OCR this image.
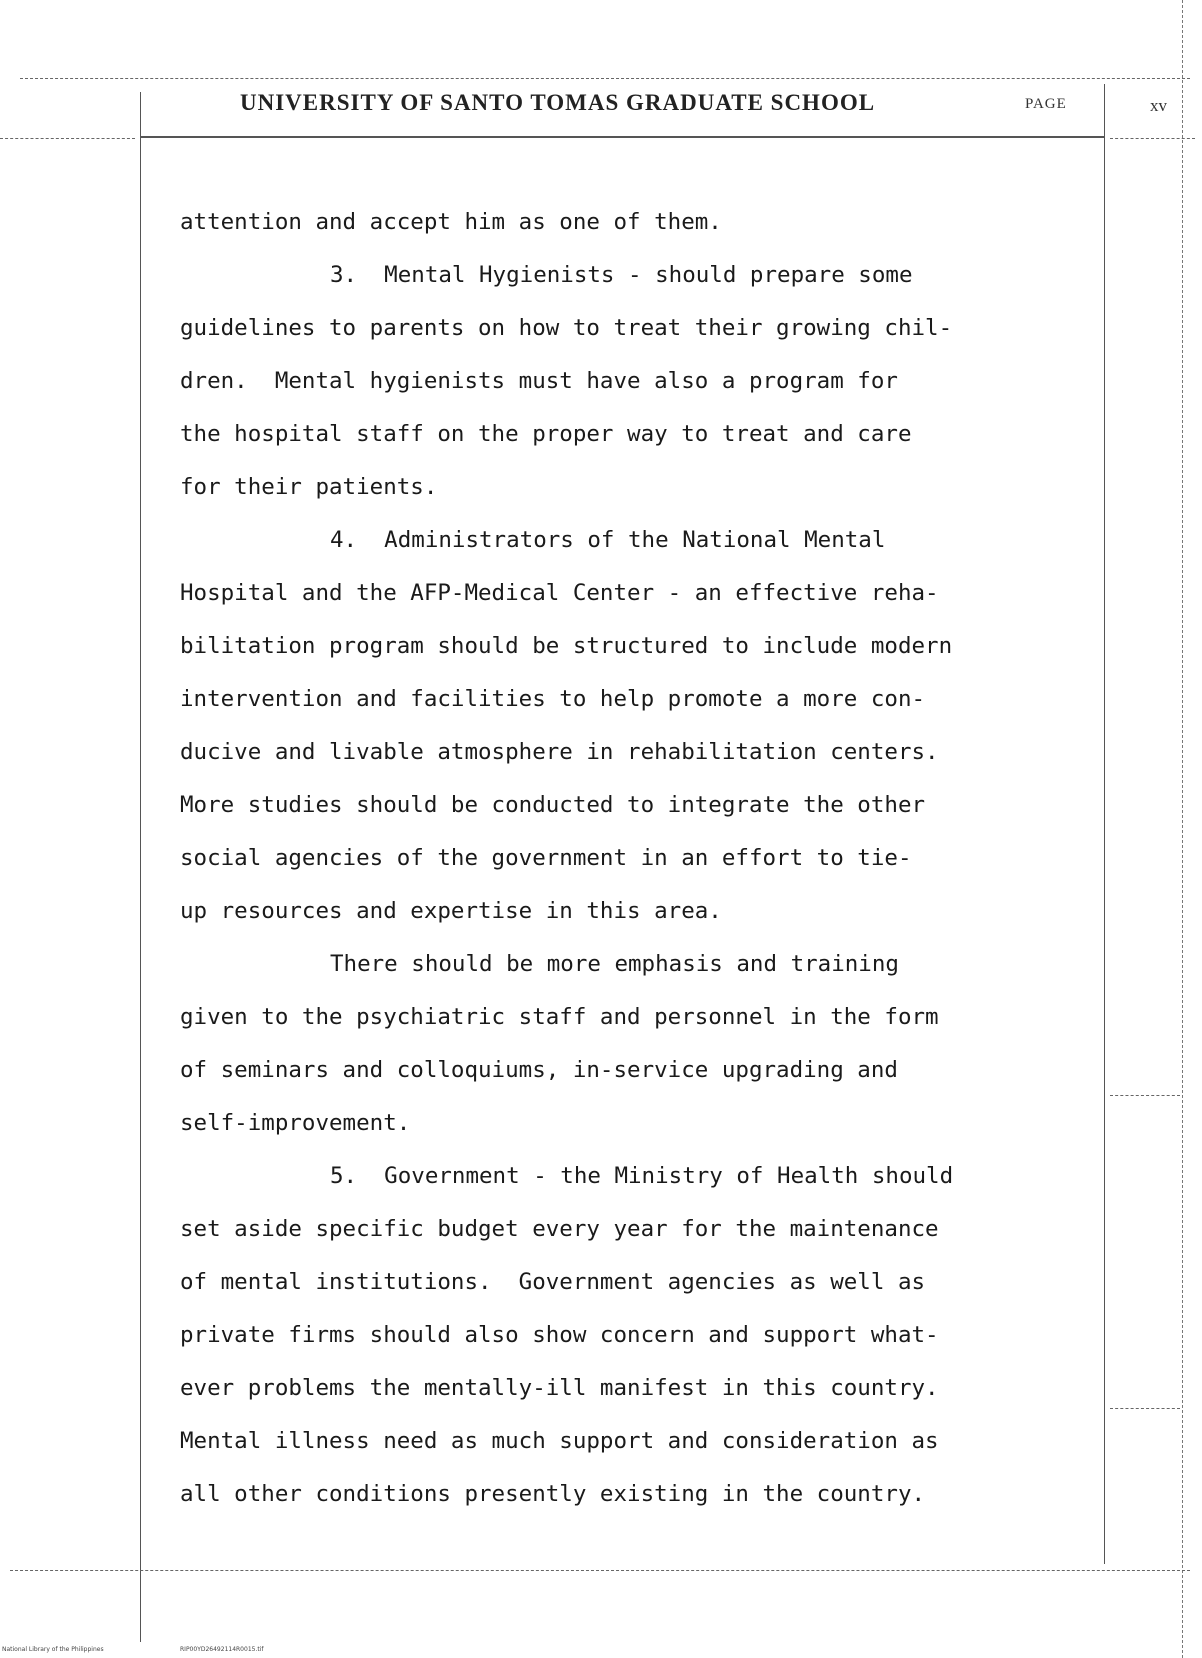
UNIVERSITY OF SANTO TOMAS GRADUATE SCHOOL	PAGE	xv
attention and accept him as one of them.
3.  Mental Hygienists - should prepare some
guidelines to parents on how to treat their growing chil-
dren.  Mental hygienists must have also a program for
the hospital staff on the proper way to treat and care
for their patients.
4.  Administrators of the National Mental
Hospital and the AFP-Medical Center - an effective reha-
bilitation program should be structured to include modern
intervention and facilities to help promote a more con-
ducive and livable atmosphere in rehabilitation centers.
More studies should be conducted to integrate the other
social agencies of the government in an effort to tie-
up resources and expertise in this area.
There should be more emphasis and training
given to the psychiatric staff and personnel in the form
of seminars and colloquiums, in-service upgrading and
self-improvement.
5.  Government - the Ministry of Health should
set aside specific budget every year for the maintenance
of mental institutions.  Government agencies as well as
private firms should also show concern and support what-
ever problems the mentally-ill manifest in this country.
Mental illness need as much support and consideration as
all other conditions presently existing in the country.
National Library of the Philippines	RIP00YD26492114R0015.tif
